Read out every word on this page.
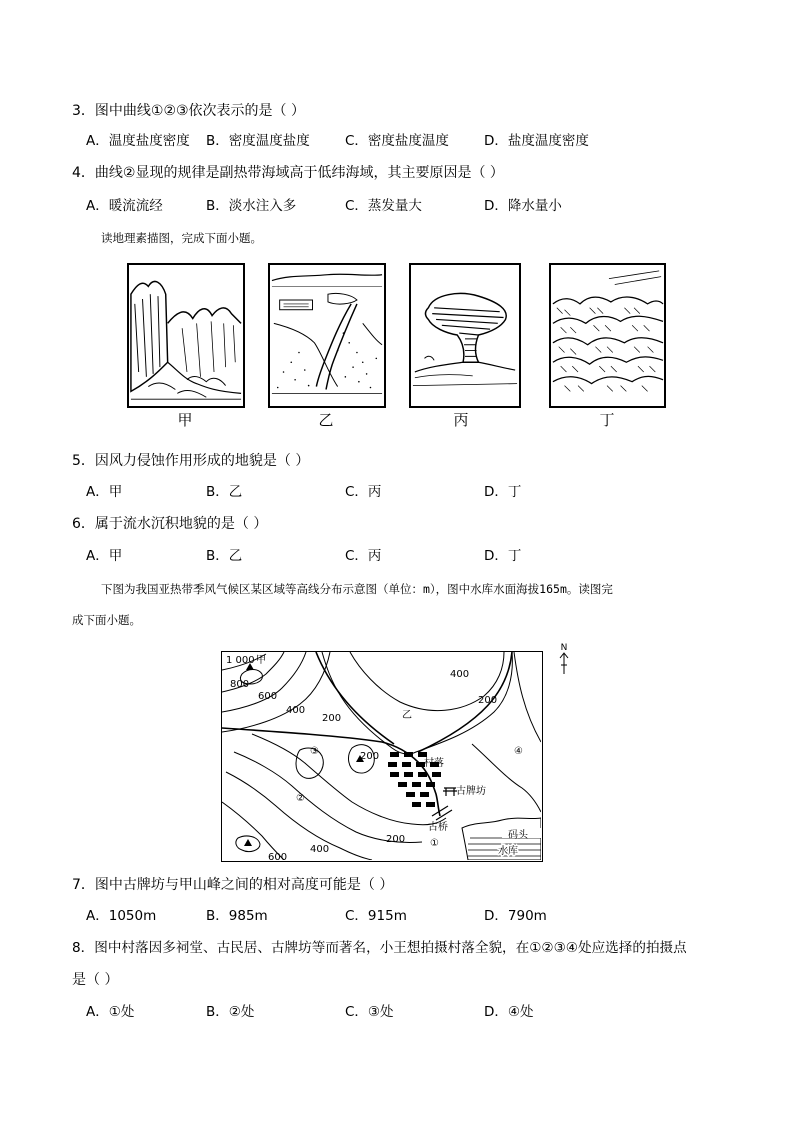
3．图中曲线①②③依次表示的是（ ）
A．温度盐度密度 B．密度温度盐度	C．密度盐度温度	D．盐度温度密度
4．曲线②显现的规律是副热带海域高于低纬海域，其主要原因是（ ）
A．暖流流经	B．淡水注入多	C．蒸发量大	D．降水量小
读地理素描图，完成下面小题。
甲	乙	丙	丁
5．因风力侵蚀作用形成的地貌是（ ）
A．甲	B．乙	C．丙	D．丁
6．属于流水沉积地貌的是（ ）
A．甲	B．乙	C．丙	D．丁
下图为我国亚热带季风气候区某区域等高线分布示意图（单位：m），图中水库水面海拔165m。读图完
成下面小题。
N
1 000 甲
800
600
400
200
400
200
200
200
400
600
乙
村落
古牌坊
古桥
码头
水库
①
②
③	④
7．图中古牌坊与甲山峰之间的相对高度可能是（ ）
A．1050m	B．985m	C．915m	D．790m
8．图中村落因多祠堂、古民居、古牌坊等而著名，小王想拍摄村落全貌，在①②③④处应选择的拍摄点
是（ ）
A．①处	B．②处	C．③处	D．④处
